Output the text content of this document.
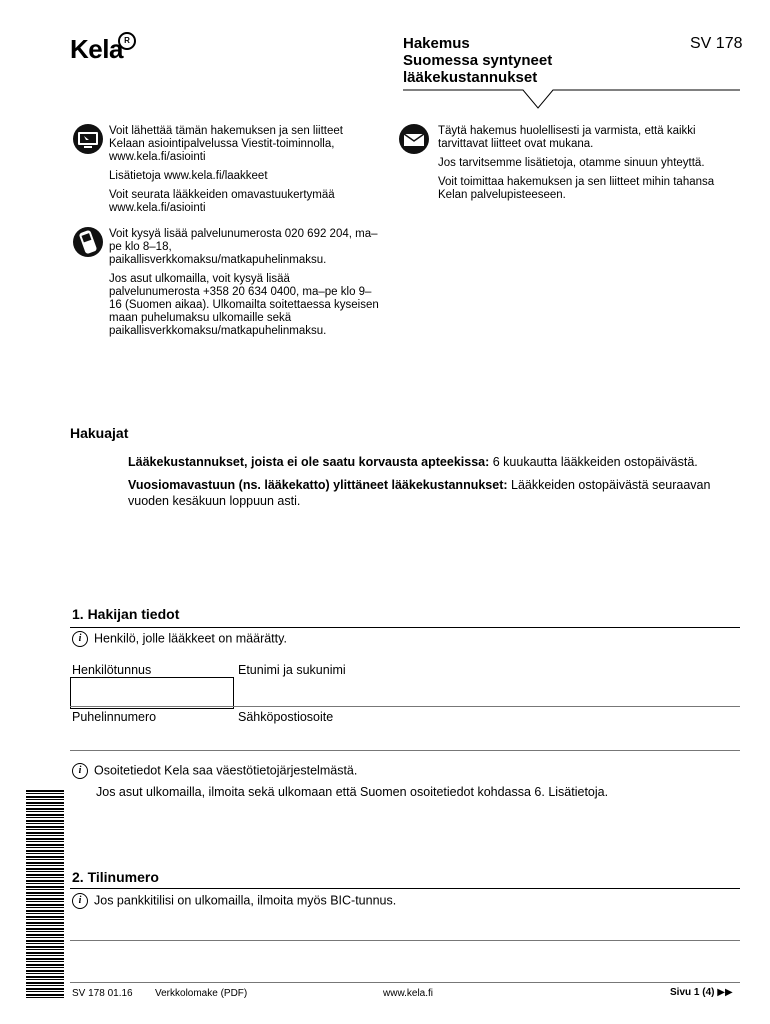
Kela R	Hakemus
Suomessa syntyneet
lääkekustannukset
SV 178

Voit lähettää tämän hakemuksen ja sen liitteet Kelaan asiointipalvelussa Viestit-toiminnolla, www.kela.fi/asiointi

Lisätietoja www.kela.fi/laakkeet

Voit seurata lääkkeiden omavastuukertymää www.kela.fi/asiointi

Voit kysyä lisää palvelunumerosta 020 692 204, ma–pe klo 8–18, paikallisverkkomaksu/matkapuhelinmaksu.

Jos asut ulkomailla, voit kysyä lisää palvelunumerosta +358 20 634 0400, ma–pe klo 9–16 (Suomen aikaa). Ulkomailta soitettaessa kyseisen maan puhelumaksu ulkomaille sekä paikallisverkkomaksu/matkapuhelinmaksu.

Täytä hakemus huolellisesti ja varmista, että kaikki tarvittavat liitteet ovat mukana.

Jos tarvitsemme lisätietoja, otamme sinuun yhteyttä.

Voit toimittaa hakemuksen ja sen liitteet mihin tahansa Kelan palvelupisteeseen.

Hakuajat

Lääkekustannukset, joista ei ole saatu korvausta apteekissa: 6 kuukautta lääkkeiden ostopäivästä.

Vuosiomavastuun (ns. lääkekatto) ylittäneet lääkekustannukset: Lääkkeiden ostopäivästä seuraavan vuoden kesäkuun loppuun asti.

1. Hakijan tiedot
i Henkilö, jolle lääkkeet on määrätty.
Henkilötunnus	Etunimi ja sukunimi
Puhelinnumero	Sähköpostiosoite
i Osoitetiedot Kela saa väestötietojärjestelmästä.
Jos asut ulkomailla, ilmoita sekä ulkomaan että Suomen osoitetiedot kohdassa 6. Lisätietoja.
2. Tilinumero
i Jos pankkitilisi on ulkomailla, ilmoita myös BIC-tunnus.
SV 178 01.16 Verkkolomake (PDF)	www.kela.fi	Sivu 1 (4) ▶▶
